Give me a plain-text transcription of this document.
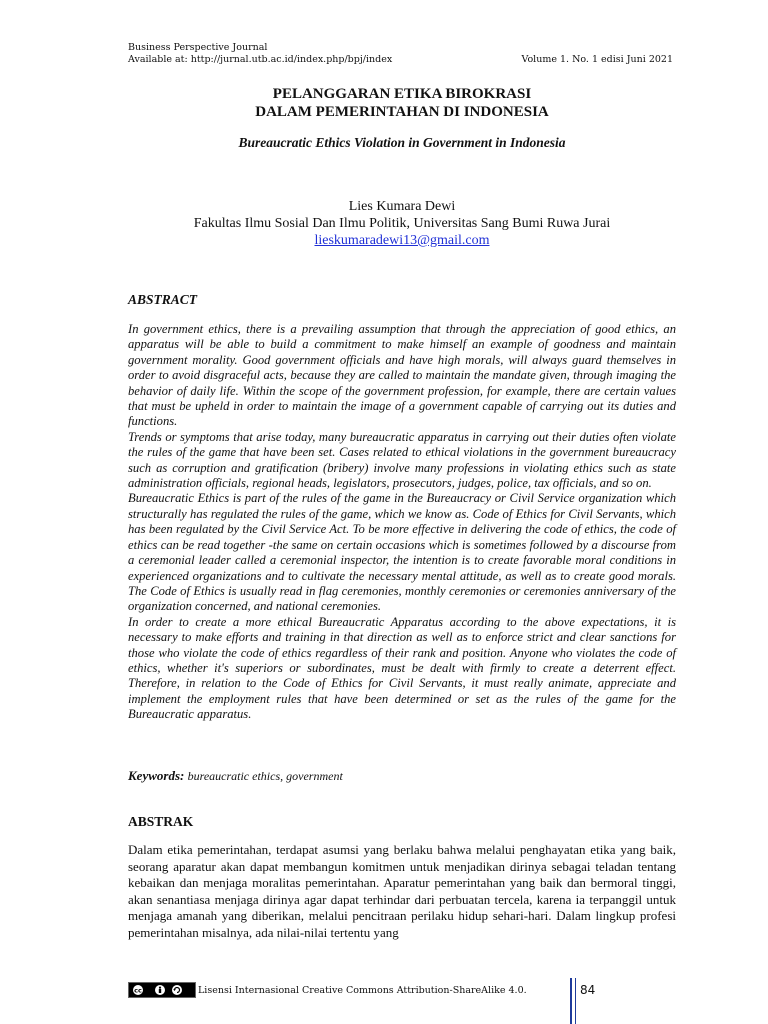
Business Perspective Journal
Available at: http://jurnal.utb.ac.id/index.php/bpj/index	Volume 1. No. 1 edisi Juni 2021
PELANGGARAN ETIKA BIROKRASI
DALAM PEMERINTAHAN DI INDONESIA
Bureaucratic Ethics Violation in Government in Indonesia
Lies Kumara Dewi
Fakultas Ilmu Sosial Dan Ilmu Politik, Universitas Sang Bumi Ruwa Jurai
lieskumaradewi13@gmail.com
ABSTRACT

In government ethics, there is a prevailing assumption that through the appreciation of good ethics, an apparatus will be able to build a commitment to make himself an example of goodness and maintain government morality. Good government officials and have high morals, will always guard themselves in order to avoid disgraceful acts, because they are called to maintain the mandate given, through imaging the behavior of daily life. Within the scope of the government profession, for example, there are certain values that must be upheld in order to maintain the image of a government capable of carrying out its duties and functions.

Trends or symptoms that arise today, many bureaucratic apparatus in carrying out their duties often violate the rules of the game that have been set. Cases related to ethical violations in the government bureaucracy such as corruption and gratification (bribery) involve many professions in violating ethics such as state administration officials, regional heads, legislators, prosecutors, judges, police, tax officials, and so on.

Bureaucratic Ethics is part of the rules of the game in the Bureaucracy or Civil Service organization which structurally has regulated the rules of the game, which we know as. Code of Ethics for Civil Servants, which has been regulated by the Civil Service Act. To be more effective in delivering the code of ethics, the code of ethics can be read together -the same on certain occasions which is sometimes followed by a discourse from a ceremonial leader called a ceremonial inspector, the intention is to create favorable moral conditions in experienced organizations and to cultivate the necessary mental attitude, as well as to create good morals. The Code of Ethics is usually read in flag ceremonies, monthly ceremonies or ceremonies anniversary of the organization concerned, and national ceremonies.

In order to create a more ethical Bureaucratic Apparatus according to the above expectations, it is necessary to make efforts and training in that direction as well as to enforce strict and clear sanctions for those who violate the code of ethics regardless of their rank and position. Anyone who violates the code of ethics, whether it's superiors or subordinates, must be dealt with firmly to create a deterrent effect. Therefore, in relation to the Code of Ethics for Civil Servants, it must really animate, appreciate and implement the employment rules that have been determined or set as the rules of the game for the Bureaucratic apparatus.

Keywords: bureaucratic ethics, government
ABSTRAK

Dalam etika pemerintahan, terdapat asumsi yang berlaku bahwa melalui penghayatan etika yang baik, seorang aparatur akan dapat membangun komitmen untuk menjadikan dirinya sebagai teladan tentang kebaikan dan menjaga moralitas pemerintahan. Aparatur pemerintahan yang baik dan bermoral tinggi, akan senantiasa menjaga dirinya agar dapat terhindar dari perbuatan tercela, karena ia terpanggil untuk menjaga amanah yang diberikan, melalui pencitraan perilaku hidup sehari-hari. Dalam lingkup profesi pemerintahan misalnya, ada nilai-nilai tertentu yang

cc	Lisensi Internasional Creative Commons Attribution-ShareAlike 4.0.	84
